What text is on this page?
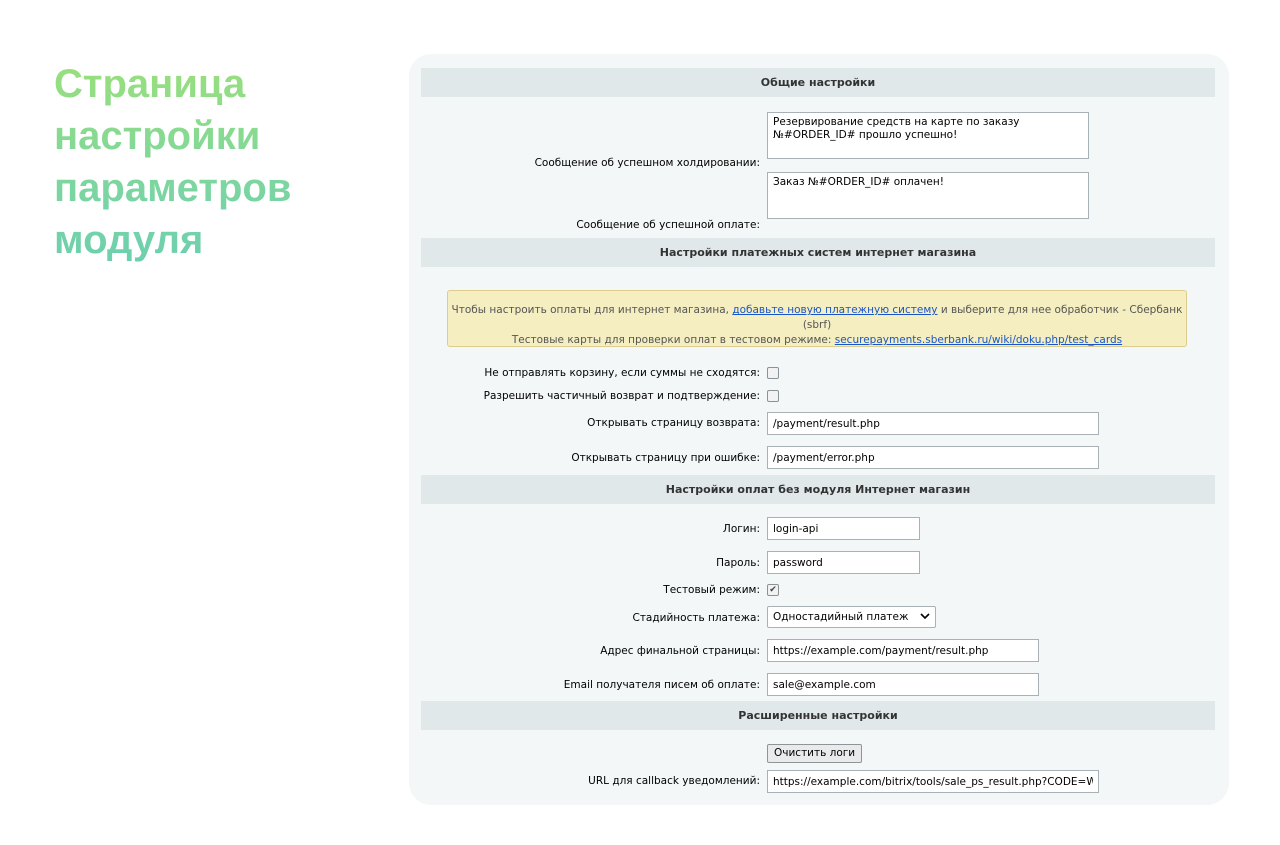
Страница
настройки
параметров
модуля
Общие настройки
Сообщение об успешном холдировании:
Резервирование средств на карте по заказу №#ORDER_ID# прошло успешно!
Сообщение об успешной оплате:
Заказ №#ORDER_ID# оплачен!
Настройки платежных систем интернет магазина
Чтобы настроить оплаты для интернет магазина, добавьте новую платежную систему и выберите для нее обработчик - Сбербанк (sbrf)
Тестовые карты для проверки оплат в тестовом режиме: securepayments.sberbank.ru/wiki/doku.php/test_cards
Не отправлять корзину, если суммы не сходятся:
Разрешить частичный возврат и подтверждение:
Открывать страницу возврата:
/payment/result.php
Открывать страницу при ошибке:
/payment/error.php
Настройки оплат без модуля Интернет магазин
Логин:
login-api
Пароль:
password
Тестовый режим: ✔
Стадийность платежа: Одностадийный платеж
Адрес финальной страницы:
https://example.com/payment/result.php
Email получателя писем об оплате:
sale@example.com
Расширенные настройки
Очистить логи
URL для callback уведомлений:
https://example.com/bitrix/tools/sale_ps_result.php?CODE=WFSE
